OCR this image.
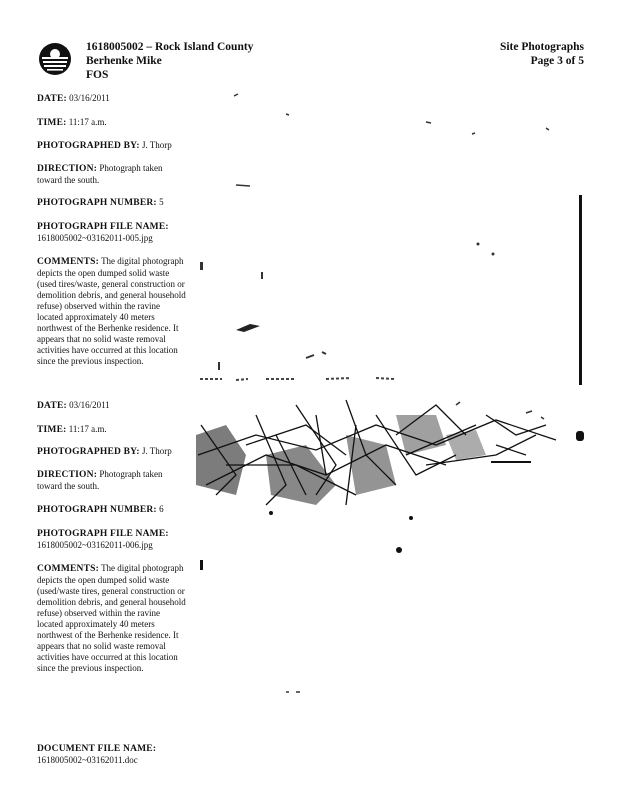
1618005002 – Rock Island County
Berhenke Mike
FOS
Site Photographs
Page 3 of 5
DATE: 03/16/2011
TIME: 11:17 a.m.
PHOTOGRAPHED BY: J. Thorp
DIRECTION: Photograph taken toward the south.
PHOTOGRAPH NUMBER: 5
PHOTOGRAPH FILE NAME:
1618005002~03162011-005.jpg
COMMENTS: The digital photograph depicts the open dumped solid waste (used tires/waste, general construction or demolition debris, and general household refuse) observed within the ravine located approximately 40 meters northwest of the Berhenke residence. It appears that no solid waste removal activities have occurred at this location since the previous inspection.
DATE: 03/16/2011
TIME: 11:17 a.m.
PHOTOGRAPHED BY: J. Thorp
DIRECTION: Photograph taken toward the south.
PHOTOGRAPH NUMBER: 6
PHOTOGRAPH FILE NAME:
1618005002~03162011-006.jpg
COMMENTS: The digital photograph depicts the open dumped solid waste (used/waste tires, general construction or demolition debris, and general household refuse) observed within the ravine located approximately 40 meters northwest of the Berhenke residence. It appears that no solid waste removal activities have occurred at this location since the previous inspection.
DOCUMENT FILE NAME:
1618005002~03162011.doc
